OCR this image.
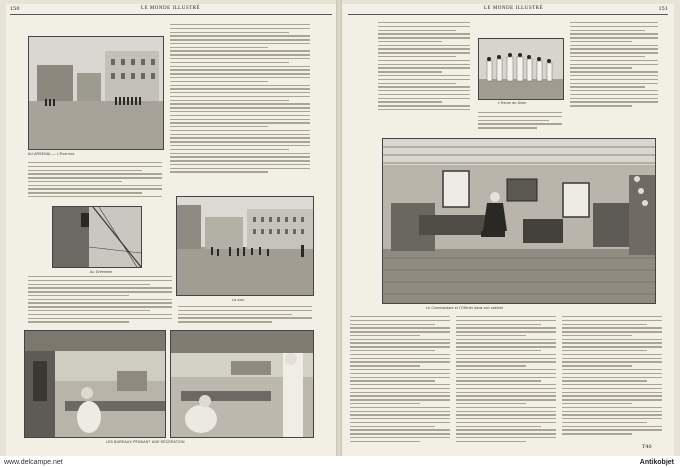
150	LE MONDE ILLUSTRÉ
AU ARSENAL — L'Exercice
Au Gréement
La cour
LES BUREAUX PENDANT UNE RÉCRÉATION
LE MONDE ILLUSTRÉ	151
L'Heure du Diner
Le Commandant et l'Officier dans son cabinet
T40
www.delcampe.net	Antikobjet
